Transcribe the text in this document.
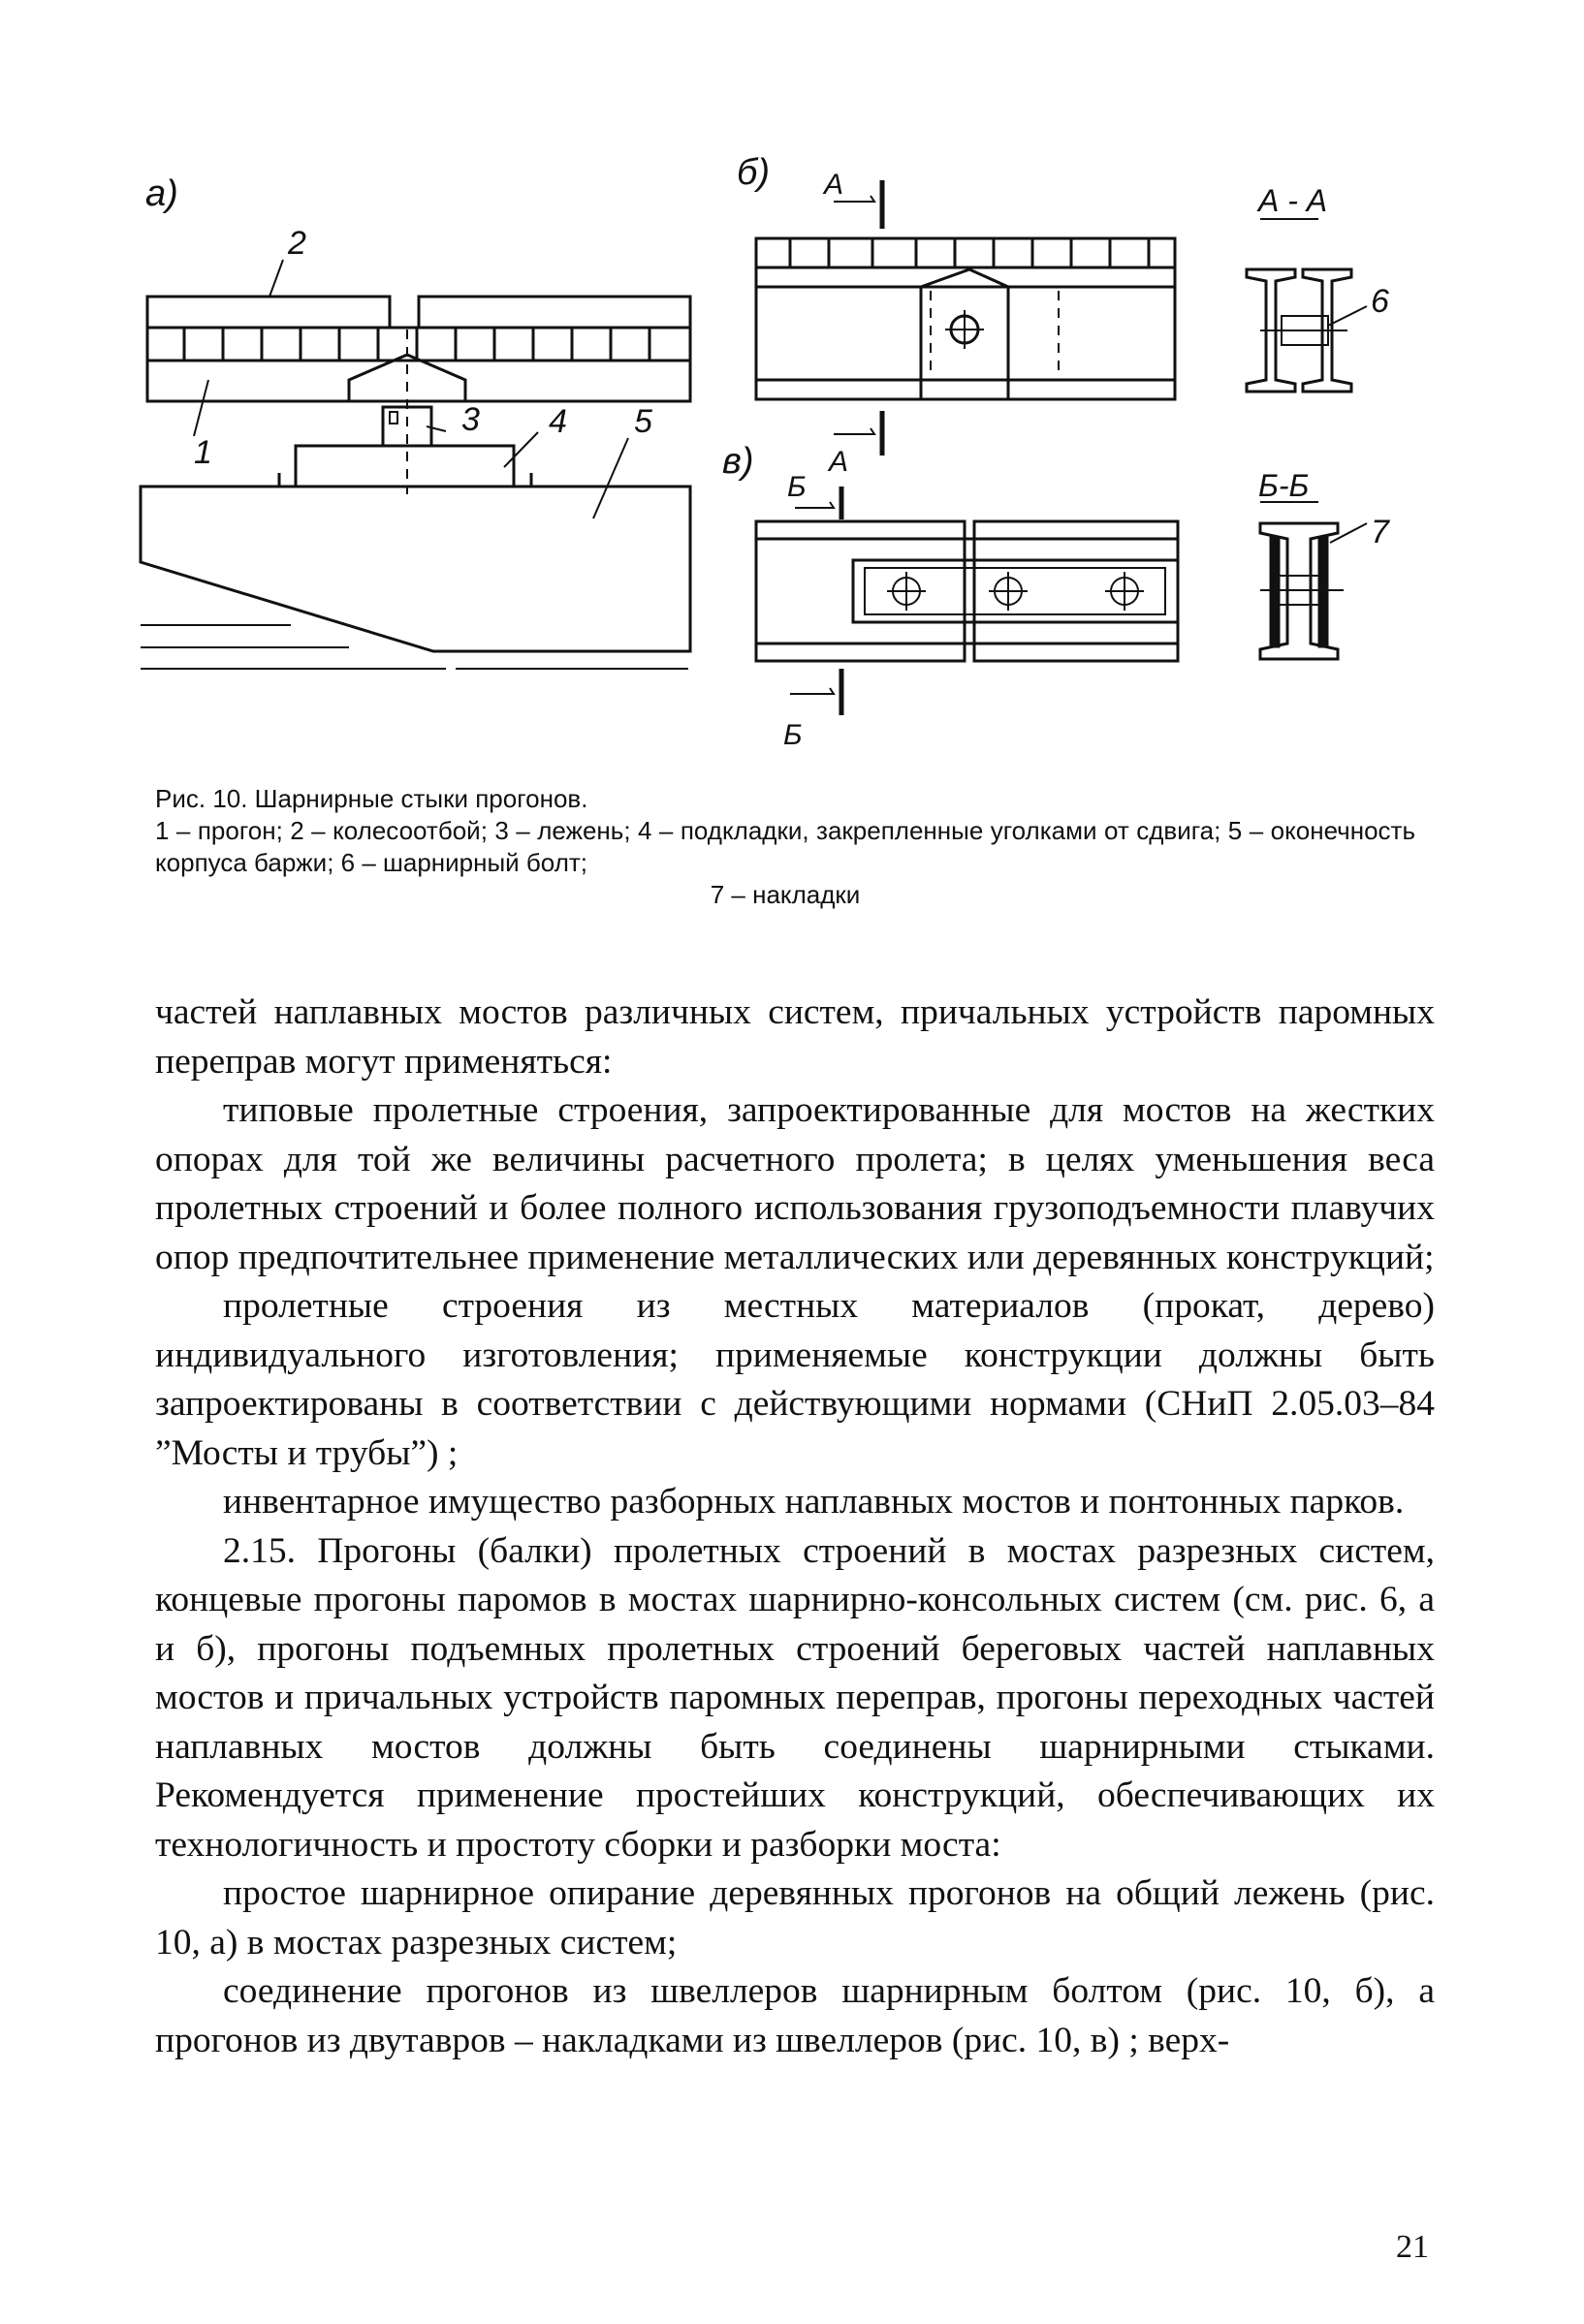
а)
б)
в)
А - А
Б-Б
А
А
Б
Б
1
2
3 4 5
6
7
Рис. 10. Шарнирные стыки прогонов.
1 – прогон; 2 – колесоотбой; 3 – лежень; 4 – подкладки, закрепленные уголками от сдвига; 5 – оконечность корпуса баржи; 6 – шарнирный болт;
7 – накладки

частей наплавных мостов различных систем, причальных устройств паромных переправ могут применяться:

типовые пролетные строения, запроектированные для мостов на жестких опорах для той же величины расчетного пролета; в целях уменьшения веса пролетных строений и более полного использования грузоподъемности плавучих опор предпочтительнее применение металлических или деревянных конструкций;

пролетные строения из местных материалов (прокат, дерево) индивидуального изготовления; применяемые конструкции должны быть запроектированы в соответствии с действующими нормами (СНиП 2.05.03–84 ”Мосты и трубы”) ;

инвентарное имущество разборных наплавных мостов и понтонных парков.

2.15. Прогоны (балки) пролетных строений в мостах разрезных систем, концевые прогоны паромов в мостах шарнирно-консольных систем (см. рис. 6, а и б), прогоны подъемных пролетных строений береговых частей наплавных мостов и причальных устройств паромных переправ, прогоны переходных частей наплавных мостов должны быть соединены шарнирными стыками. Рекомендуется применение простейших конструкций, обеспечивающих их технологичность и простоту сборки и разборки моста:

простое шарнирное опирание деревянных прогонов на общий лежень (рис. 10, а) в мостах разрезных систем;

соединение прогонов из швеллеров шарнирным болтом (рис. 10, б), а прогонов из двутавров – накладками из швеллеров (рис. 10, в) ; верх-

21
